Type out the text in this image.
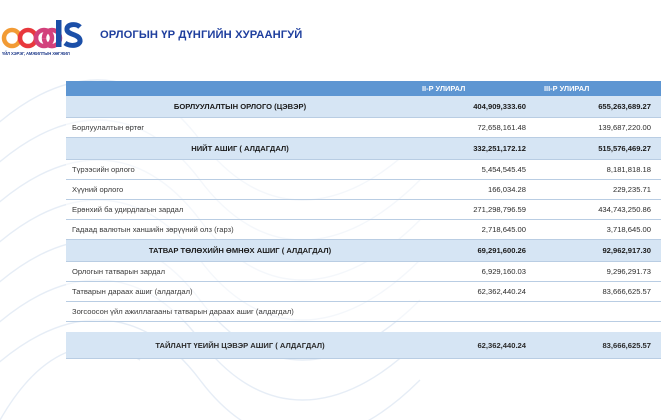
ҮЙЛ ХЭРЭГ, АМЖИЛТЫН ХӨГЖИЛ
ОРЛОГЫН ҮР ДҮНГИЙН ХУРААНГУЙ
	II-Р УЛИРАЛ	III-Р УЛИРАЛ
БОРЛУУЛАЛТЫН ОРЛОГО (ЦЭВЭР)	404,909,333.60	655,263,689.27
Борлуулалтын өртөг	72,658,161.48	139,687,220.00
НИЙТ АШИГ ( АЛДАГДАЛ)	332,251,172.12	515,576,469.27
Түрээсийн орлого	5,454,545.45	8,181,818.18
Хүүний орлого	166,034.28	229,235.71
Ерөнхий ба удирдлагын зардал	271,298,796.59	434,743,250.86
Гадаад валютын ханшийн зөрүүний олз (гарз)	2,718,645.00	3,718,645.00
ТАТВАР ТӨЛӨХИЙН ӨМНӨХ АШИГ ( АЛДАГДАЛ)	69,291,600.26	92,962,917.30
Орлогын татварын зардал	6,929,160.03	9,296,291.73
Татварын дараах ашиг (алдагдал)	62,362,440.24	83,666,625.57
Зогсоосон үйл ажиллагааны татварын дараах ашиг (алдагдал)		

ТАЙЛАНТ ҮЕИЙН ЦЭВЭР АШИГ ( АЛДАГДАЛ)	62,362,440.24	83,666,625.57
